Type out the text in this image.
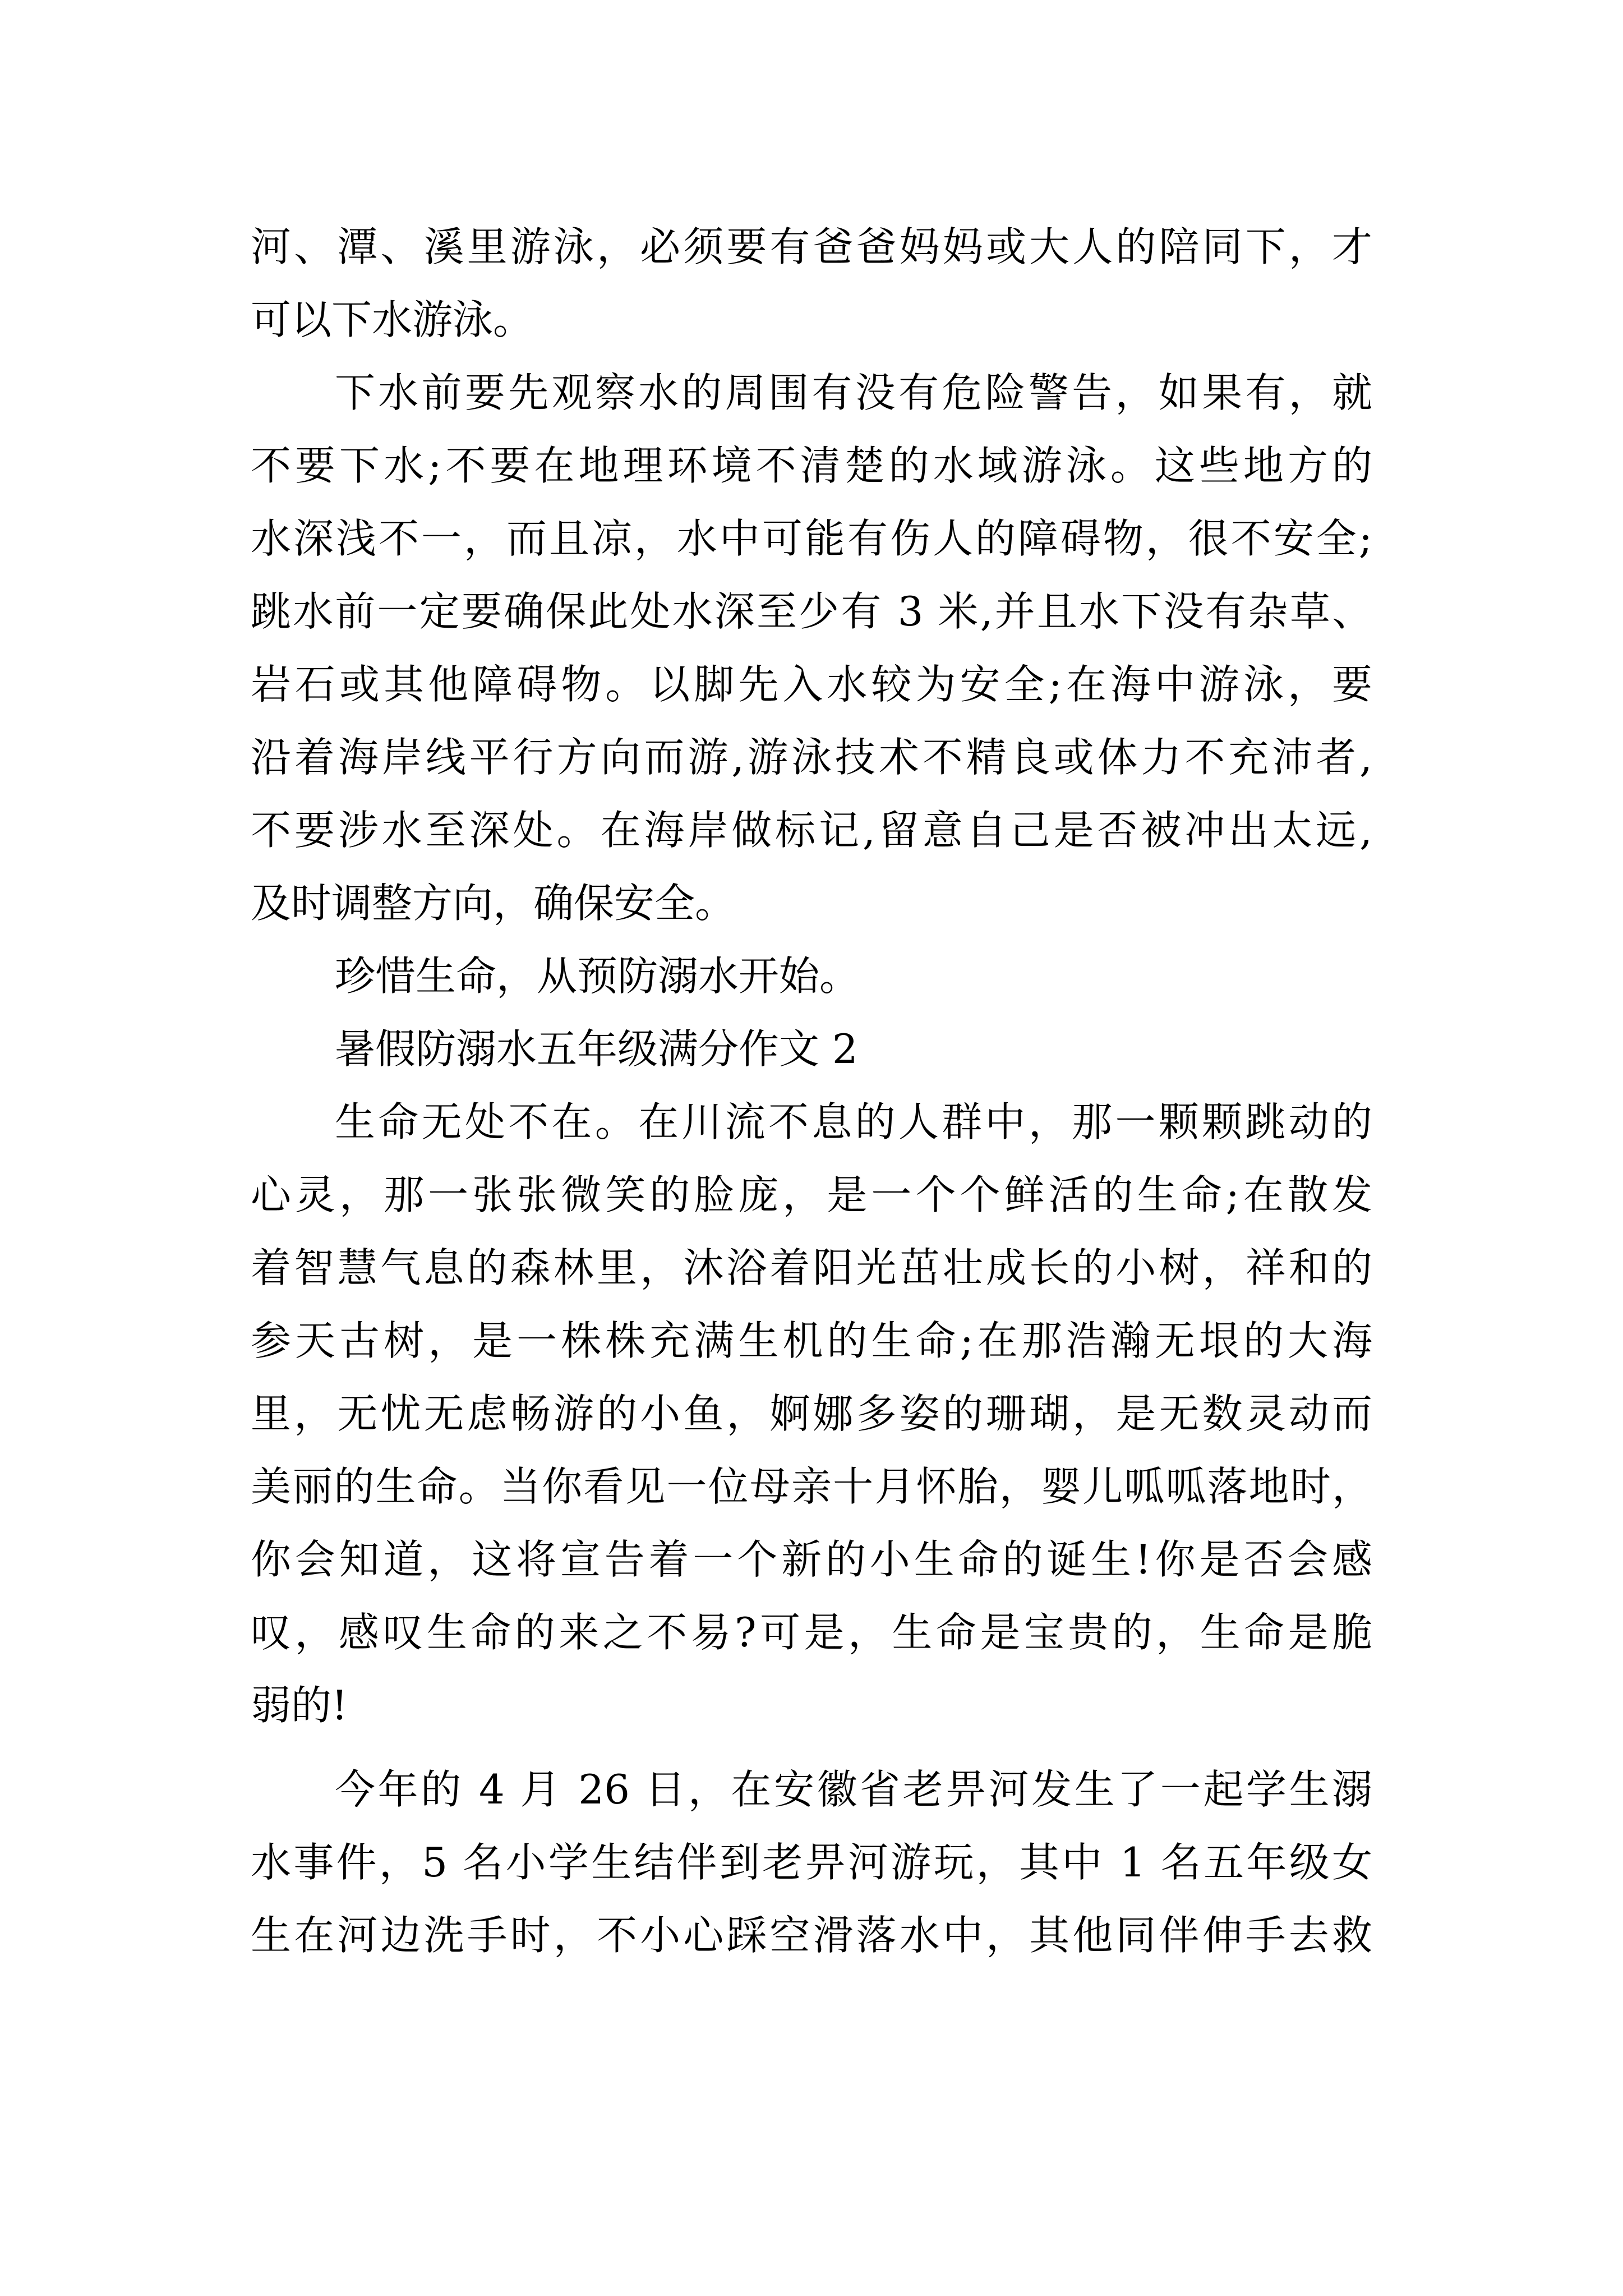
河、潭、溪里游泳，必须要有爸爸妈妈或大人的陪同下，才
可以下水游泳。
下水前要先观察水的周围有没有危险警告，如果有，就
不要下水;不要在地理环境不清楚的水域游泳。这些地方的
水深浅不一，而且凉，水中可能有伤人的障碍物，很不安全;
跳水前一定要确保此处水深至少有 3 米,并且水下没有杂草、
岩石或其他障碍物。以脚先入水较为安全;在海中游泳，要
沿着海岸线平行方向而游,游泳技术不精良或体力不充沛者,
不要涉水至深处。在海岸做标记,留意自己是否被冲出太远,
及时调整方向，确保安全。
珍惜生命，从预防溺水开始。
暑假防溺水五年级满分作文 2
生命无处不在。在川流不息的人群中，那一颗颗跳动的
心灵，那一张张微笑的脸庞，是一个个鲜活的生命;在散发
着智慧气息的森林里，沐浴着阳光茁壮成长的小树，祥和的
参天古树，是一株株充满生机的生命;在那浩瀚无垠的大海
里，无忧无虑畅游的小鱼，婀娜多姿的珊瑚，是无数灵动而
美丽的生命。当你看见一位母亲十月怀胎，婴儿呱呱落地时，
你会知道，这将宣告着一个新的小生命的诞生!你是否会感
叹，感叹生命的来之不易?可是，生命是宝贵的，生命是脆
弱的!
今年的 4 月 26 日，在安徽省老畀河发生了一起学生溺
水事件，5 名小学生结伴到老畀河游玩，其中 1 名五年级女
生在河边洗手时，不小心踩空滑落水中，其他同伴伸手去救
